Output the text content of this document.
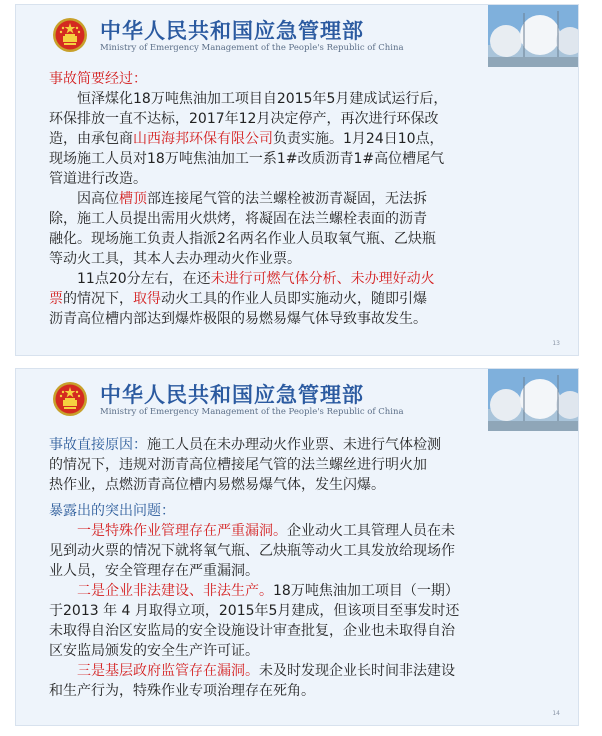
中华人民共和国应急管理部
Ministry of Emergency Management of the People's Republic of China
事故简要经过：
恒泽煤化18万吨焦油加工项目自2015年5月建成试运行后，
环保排放一直不达标，2017年12月决定停产，再次进行环保改
造，由承包商山西海邦环保有限公司负责实施。1月24日10点，
现场施工人员对18万吨焦油加工一系1#改质沥青1#高位槽尾气
管道进行改造。
因高位槽顶部连接尾气管的法兰螺栓被沥青凝固，无法拆
除，施工人员提出需用火烘烤，将凝固在法兰螺栓表面的沥青
融化。现场施工负责人指派2名两名作业人员取氧气瓶、乙炔瓶
等动火工具，其本人去办理动火作业票。
11点20分左右，在还未进行可燃气体分析、未办理好动火
票的情况下，取得动火工具的作业人员即实施动火，随即引爆
沥青高位槽内部达到爆炸极限的易燃易爆气体导致事故发生。
13
中华人民共和国应急管理部
Ministry of Emergency Management of the People's Republic of China
事故直接原因：施工人员在未办理动火作业票、未进行气体检测
的情况下，违规对沥青高位槽接尾气管的法兰螺丝进行明火加
热作业，点燃沥青高位槽内易燃易爆气体，发生闪爆。
暴露出的突出问题：
一是特殊作业管理存在严重漏洞。企业动火工具管理人员在未
见到动火票的情况下就将氧气瓶、乙炔瓶等动火工具发放给现场作
业人员，安全管理存在严重漏洞。
二是企业非法建设、非法生产。18万吨焦油加工项目（一期）
于2013 年 4 月取得立项，2015年5月建成，但该项目至事发时还
未取得自治区安监局的安全设施设计审查批复，企业也未取得自治
区安监局颁发的安全生产许可证。
三是基层政府监管存在漏洞。未及时发现企业长时间非法建设
和生产行为，特殊作业专项治理存在死角。
14
